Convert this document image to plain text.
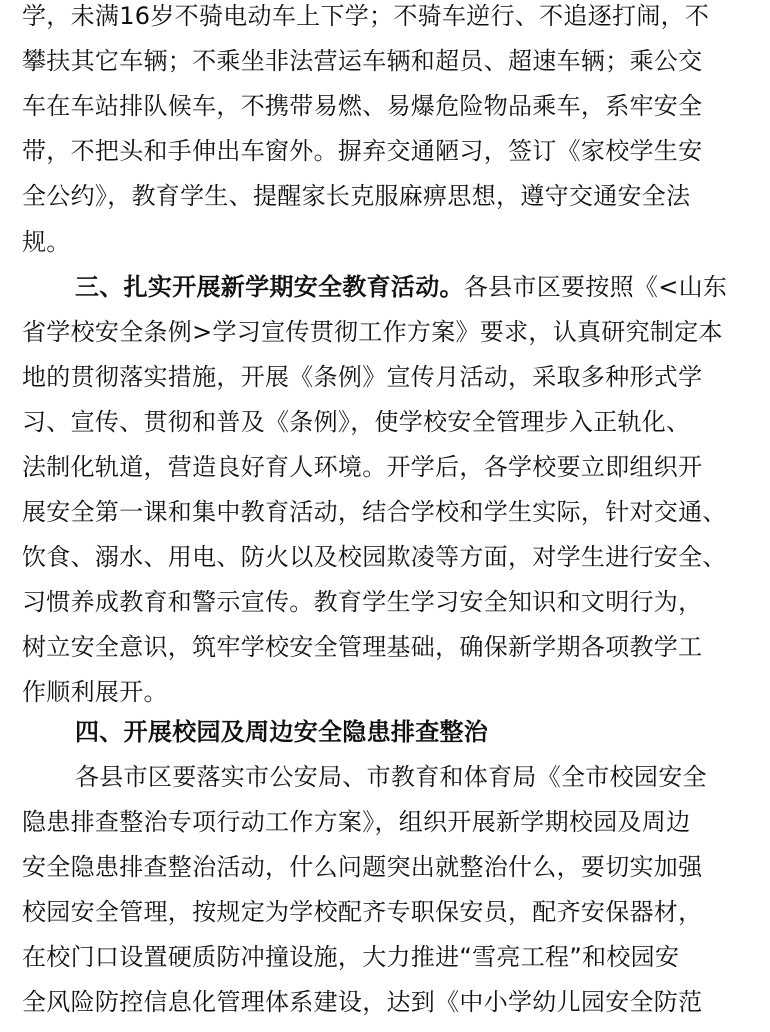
学，未满16岁不骑电动车上下学；不骑车逆行、不追逐打闹，不
攀扶其它车辆；不乘坐非法营运车辆和超员、超速车辆；乘公交
车在车站排队候车，不携带易燃、易爆危险物品乘车，系牢安全
带，不把头和手伸出车窗外。摒弃交通陋习，签订《家校学生安
全公约》，教育学生、提醒家长克服麻痹思想，遵守交通安全法
规。
三、扎实开展新学期安全教育活动。各县市区要按照《<山东
省学校安全条例>学习宣传贯彻工作方案》要求，认真研究制定本
地的贯彻落实措施，开展《条例》宣传月活动，采取多种形式学
习、宣传、贯彻和普及《条例》，使学校安全管理步入正轨化、
法制化轨道，营造良好育人环境。开学后，各学校要立即组织开
展安全第一课和集中教育活动，结合学校和学生实际，针对交通、
饮食、溺水、用电、防火以及校园欺凌等方面，对学生进行安全、
习惯养成教育和警示宣传。教育学生学习安全知识和文明行为，
树立安全意识，筑牢学校安全管理基础，确保新学期各项教学工
作顺利展开。
四、开展校园及周边安全隐患排查整治
各县市区要落实市公安局、市教育和体育局《全市校园安全
隐患排查整治专项行动工作方案》，组织开展新学期校园及周边
安全隐患排查整治活动，什么问题突出就整治什么，要切实加强
校园安全管理，按规定为学校配齐专职保安员，配齐安保器材，
在校门口设置硬质防冲撞设施，大力推进“雪亮工程”和校园安
全风险防控信息化管理体系建设，达到《中小学幼儿园安全防范
